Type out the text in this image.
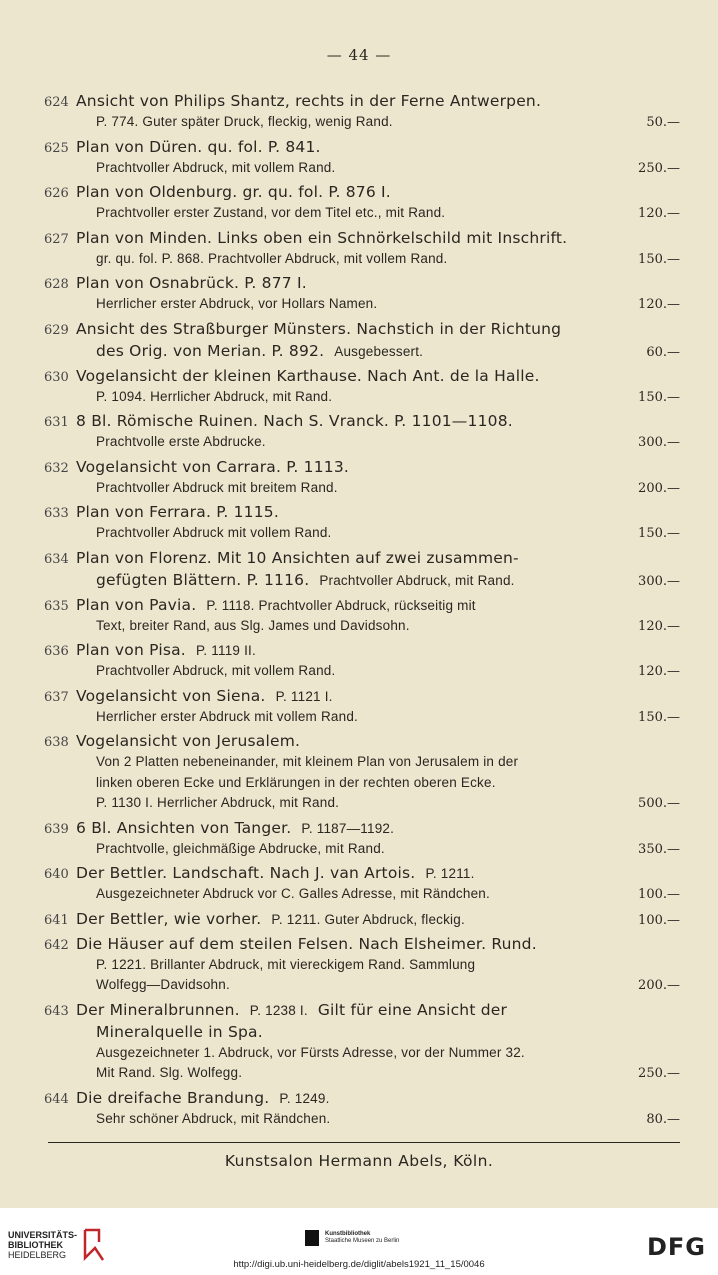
— 44 —
624 Ansicht von Philips Shantz, rechts in der Ferne Antwerpen.
P. 774. Guter später Druck, fleckig, wenig Rand.	50.—
625 Plan von Düren. qu. fol. P. 841.
Prachtvoller Abdruck, mit vollem Rand.	250.—
626 Plan von Oldenburg. gr. qu. fol. P. 876 I.
Prachtvoller erster Zustand, vor dem Titel etc., mit Rand.	120.—
627 Plan von Minden. Links oben ein Schnörkelschild mit Inschrift.
gr. qu. fol. P. 868. Prachtvoller Abdruck, mit vollem Rand.	150.—
628 Plan von Osnabrück. P. 877 I.
Herrlicher erster Abdruck, vor Hollars Namen.	120.—
629 Ansicht des Straßburger Münsters. Nachstich in der Richtung
des Orig. von Merian. P. 892. Ausgebessert.	60.—
630 Vogelansicht der kleinen Karthause. Nach Ant. de la Halle.
P. 1094. Herrlicher Abdruck, mit Rand.	150.—
631 8 Bl. Römische Ruinen. Nach S. Vranck. P. 1101—1108.
Prachtvolle erste Abdrucke.	300.—
632 Vogelansicht von Carrara. P. 1113.
Prachtvoller Abdruck mit breitem Rand.	200.—
633 Plan von Ferrara. P. 1115.
Prachtvoller Abdruck mit vollem Rand.	150.—
634 Plan von Florenz. Mit 10 Ansichten auf zwei zusammen-
gefügten Blättern. P. 1116. Prachtvoller Abdruck, mit Rand.	300.—
635 Plan von Pavia. P. 1118. Prachtvoller Abdruck, rückseitig mit
Text, breiter Rand, aus Slg. James und Davidsohn.	120.—
636 Plan von Pisa. P. 1119 II.
Prachtvoller Abdruck, mit vollem Rand.	120.—
637 Vogelansicht von Siena. P. 1121 I.
Herrlicher erster Abdruck mit vollem Rand.	150.—
638 Vogelansicht von Jerusalem.
Von 2 Platten nebeneinander, mit kleinem Plan von Jerusalem in der
linken oberen Ecke und Erklärungen in der rechten oberen Ecke.
P. 1130 I. Herrlicher Abdruck, mit Rand.	500.—
639 6 Bl. Ansichten von Tanger. P. 1187—1192.
Prachtvolle, gleichmäßige Abdrucke, mit Rand.	350.—
640 Der Bettler. Landschaft. Nach J. van Artois. P. 1211.
Ausgezeichneter Abdruck vor C. Galles Adresse, mit Rändchen.	100.—
641 Der Bettler, wie vorher. P. 1211. Guter Abdruck, fleckig.	100.—
642 Die Häuser auf dem steilen Felsen. Nach Elsheimer. Rund.
P. 1221. Brillanter Abdruck, mit viereckigem Rand. Sammlung
Wolfegg—Davidsohn.	200.—
643 Der Mineralbrunnen. P. 1238 I. Gilt für eine Ansicht der
Mineralquelle in Spa.
Ausgezeichneter 1. Abdruck, vor Fürsts Adresse, vor der Nummer 32.
Mit Rand. Slg. Wolfegg.	250.—
644 Die dreifache Brandung. P. 1249.
Sehr schöner Abdruck, mit Rändchen.	80.—
Kunstsalon Hermann Abels, Köln.
UNIVERSITÄTS-
BIBLIOTHEK
HEIDELBERG
Kunstbibliothek
Staatliche Museen zu Berlin	DFG
http://digi.ub.uni-heidelberg.de/diglit/abels1921_11_15/0046
